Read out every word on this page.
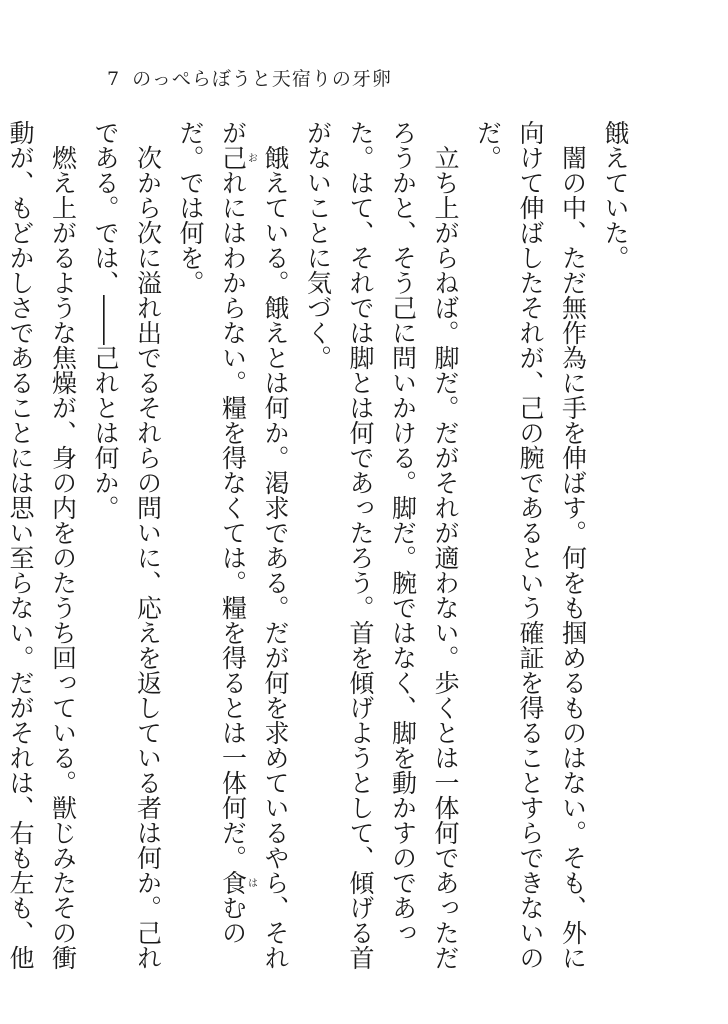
7 のっぺらぼうと天宿りの牙卵

餓えていた。

闇の中、ただ無作為に手を伸ばす。何をも掴めるものはない。そも、外に向けて伸ばしたそれが、己の腕であるという確証を得ることすらできないのだ。

立ち上がらねば。脚だ。だがそれが適わない。歩くとは一体何であっただろうかと、そう己に問いかける。脚だ。腕ではなく、脚を動かすのであった。はて、それでは脚とは何であったろう。首を傾げようとして、傾げる首がないことに気づく。

餓えている。餓えとは何か。渇求である。だが何を求めているやら、それが己おれにはわからない。糧を得なくては。糧を得るとは一体何だ。食はむのだ。では何を。

次から次に溢れ出でるそれらの問いに、応えを返している者は何か。己れである。では、――己れとは何か。

燃え上がるような焦燥が、身の内をのたうち回っている。獣じみたその衝動が、もどかしさであることには思い至らない。だがそれは、右も左も、他
